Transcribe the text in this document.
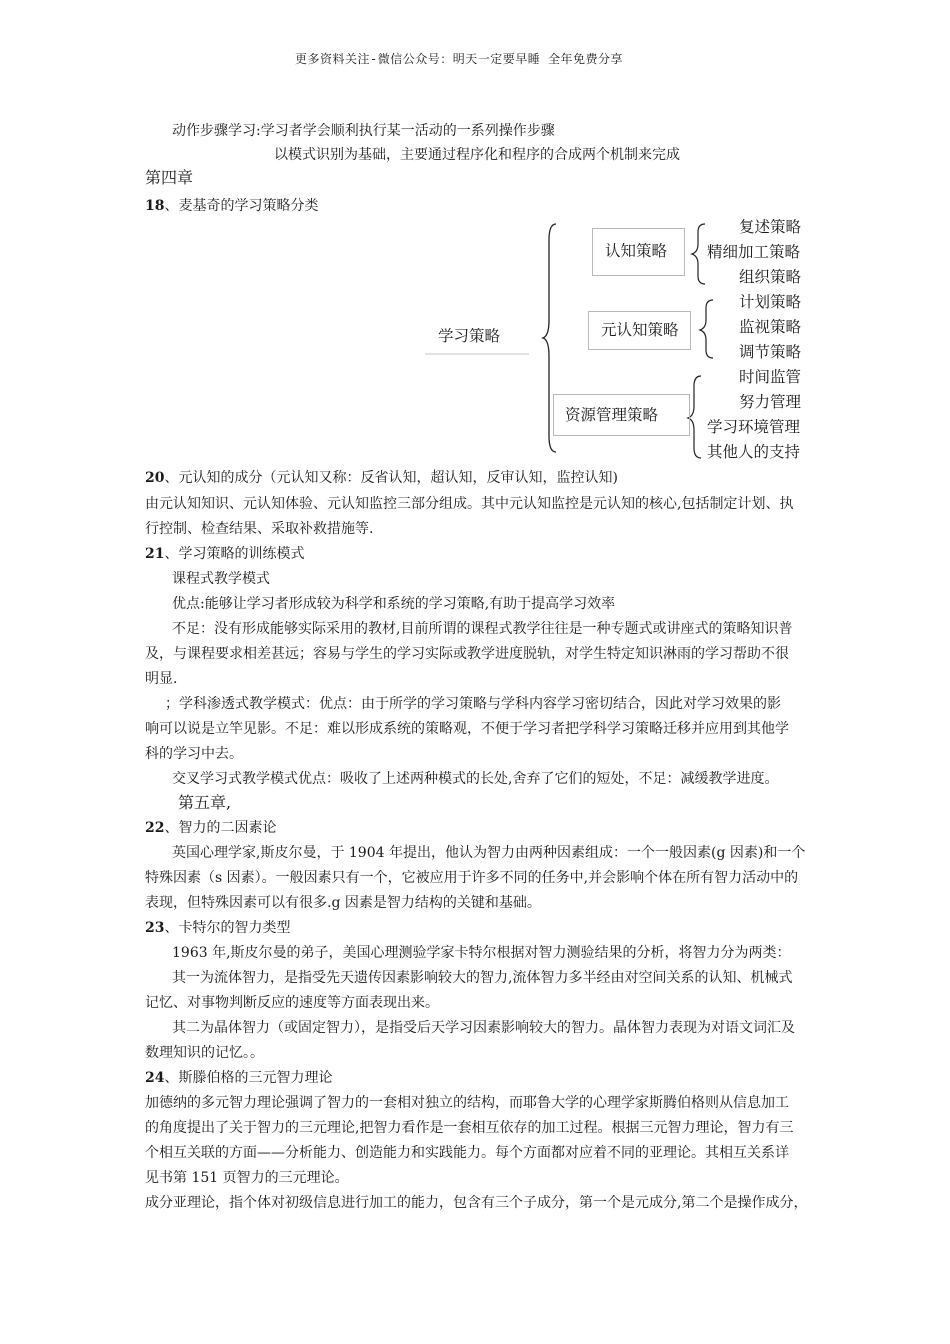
更多资料关注-微信公众号：明天一定要早睡 全年免费分享
动作步骤学习:学习者学会顺利执行某一活动的一系列操作步骤
以模式识别为基础，主要通过程序化和程序的合成两个机制来完成
第四章
18、麦基奇的学习策略分类
学习策略
认知策略
元认知策略
资源管理策略
复述策略
精细加工策略
组织策略
计划策略
监视策略
调节策略
时间监管
努力管理
学习环境管理
其他人的支持
20、元认知的成分（元认知又称：反省认知，超认知，反审认知，监控认知)
由元认知知识、元认知体验、元认知监控三部分组成。其中元认知监控是元认知的核心,包括制定计划、执
行控制、检查结果、采取补救措施等.
21、学习策略的训练模式
课程式教学模式
优点:能够让学习者形成较为科学和系统的学习策略,有助于提高学习效率
不足：没有形成能够实际采用的教材,目前所谓的课程式教学往往是一种专题式或讲座式的策略知识普
及，与课程要求相差甚远；容易与学生的学习实际或教学进度脱轨，对学生特定知识淋雨的学习帮助不很
明显.
；学科渗透式教学模式：优点：由于所学的学习策略与学科内容学习密切结合，因此对学习效果的影
响可以说是立竿见影。不足：难以形成系统的策略观，不便于学习者把学科学习策略迁移并应用到其他学
科的学习中去。
交叉学习式教学模式优点：吸收了上述两种模式的长处,舍弃了它们的短处，不足：减缓教学进度。
第五章,
22、智力的二因素论
英国心理学家,斯皮尔曼，于 1904 年提出，他认为智力由两种因素组成：一个一般因素(g 因素)和一个
特殊因素（s 因素）。一般因素只有一个，它被应用于许多不同的任务中,并会影响个体在所有智力活动中的
表现，但特殊因素可以有很多.g 因素是智力结构的关键和基础。
23、卡特尔的智力类型
1963 年,斯皮尔曼的弟子，美国心理测验学家卡特尔根据对智力测验结果的分析，将智力分为两类：
其一为流体智力，是指受先天遗传因素影响较大的智力,流体智力多半经由对空间关系的认知、机械式
记忆、对事物判断反应的速度等方面表现出来。
其二为晶体智力（或固定智力），是指受后天学习因素影响较大的智力。晶体智力表现为对语文词汇及
数理知识的记忆。。
24、斯滕伯格的三元智力理论
加德纳的多元智力理论强调了智力的一套相对独立的结构，而耶鲁大学的心理学家斯腾伯格则从信息加工
的角度提出了关于智力的三元理论,把智力看作是一套相互依存的加工过程。根据三元智力理论，智力有三
个相互关联的方面——分析能力、创造能力和实践能力。每个方面都对应着不同的亚理论。其相互关系详
见书第 151 页智力的三元理论。
成分亚理论，指个体对初级信息进行加工的能力，包含有三个子成分，第一个是元成分,第二个是操作成分，
